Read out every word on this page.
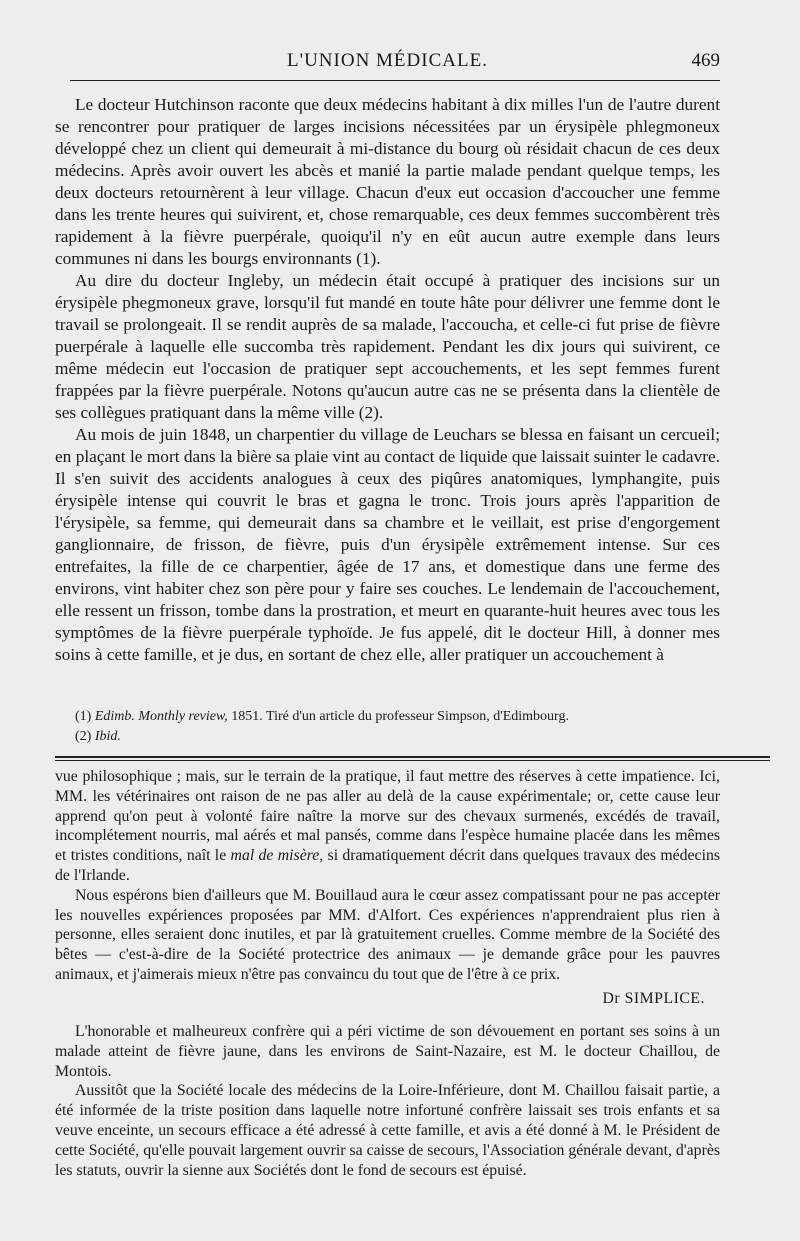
L'UNION MÉDICALE.	469

Le docteur Hutchinson raconte que deux médecins habitant à dix milles l'un de l'autre durent se rencontrer pour pratiquer de larges incisions nécessitées par un érysipèle phlegmoneux développé chez un client qui demeurait à mi-distance du bourg où résidait chacun de ces deux médecins. Après avoir ouvert les abcès et manié la partie malade pendant quelque temps, les deux docteurs retournèrent à leur village. Chacun d'eux eut occasion d'accoucher une femme dans les trente heures qui suivirent, et, chose remarquable, ces deux femmes succombèrent très rapidement à la fièvre puerpérale, quoiqu'il n'y en eût aucun autre exemple dans leurs communes ni dans les bourgs environnants (1).

Au dire du docteur Ingleby, un médecin était occupé à pratiquer des incisions sur un érysipèle phegmoneux grave, lorsqu'il fut mandé en toute hâte pour délivrer une femme dont le travail se prolongeait. Il se rendit auprès de sa malade, l'accoucha, et celle-ci fut prise de fièvre puerpérale à laquelle elle succomba très rapidement. Pendant les dix jours qui suivirent, ce même médecin eut l'occasion de pratiquer sept accouchements, et les sept femmes furent frappées par la fièvre puerpérale. Notons qu'aucun autre cas ne se présenta dans la clientèle de ses collègues pratiquant dans la même ville (2).

Au mois de juin 1848, un charpentier du village de Leuchars se blessa en faisant un cercueil; en plaçant le mort dans la bière sa plaie vint au contact de liquide que laissait suinter le cadavre. Il s'en suivit des accidents analogues à ceux des piqûres anatomiques, lymphangite, puis érysipèle intense qui couvrit le bras et gagna le tronc. Trois jours après l'apparition de l'érysipèle, sa femme, qui demeurait dans sa chambre et le veillait, est prise d'engorgement ganglionnaire, de frisson, de fièvre, puis d'un érysipèle extrêmement intense. Sur ces entrefaites, la fille de ce charpentier, âgée de 17 ans, et domestique dans une ferme des environs, vint habiter chez son père pour y faire ses couches. Le lendemain de l'accouchement, elle ressent un frisson, tombe dans la prostration, et meurt en quarante-huit heures avec tous les symptômes de la fièvre puerpérale typhoïde. Je fus appelé, dit le docteur Hill, à donner mes soins à cette famille, et je dus, en sortant de chez elle, aller pratiquer un accouchement à

(1) Edimb. Monthly review, 1851. Tiré d'un article du professeur Simpson, d'Edimbourg.

(2) Ibid.

vue philosophique ; mais, sur le terrain de la pratique, il faut mettre des réserves à cette impatience. Ici, MM. les vétérinaires ont raison de ne pas aller au delà de la cause expérimentale; or, cette cause leur apprend qu'on peut à volonté faire naître la morve sur des chevaux surmenés, excédés de travail, incomplétement nourris, mal aérés et mal pansés, comme dans l'espèce humaine placée dans les mêmes et tristes conditions, naît le mal de misère, si dramatiquement décrit dans quelques travaux des médecins de l'Irlande.

Nous espérons bien d'ailleurs que M. Bouillaud aura le cœur assez compatissant pour ne pas accepter les nouvelles expériences proposées par MM. d'Alfort. Ces expériences n'apprendraient plus rien à personne, elles seraient donc inutiles, et par là gratuitement cruelles. Comme membre de la Société des bêtes — c'est-à-dire de la Société protectrice des animaux — je demande grâce pour les pauvres animaux, et j'aimerais mieux n'être pas convaincu du tout que de l'être à ce prix.

Dr SIMPLICE.

L'honorable et malheureux confrère qui a péri victime de son dévouement en portant ses soins à un malade atteint de fièvre jaune, dans les environs de Saint-Nazaire, est M. le docteur Chaillou, de Montois.

Aussitôt que la Société locale des médecins de la Loire-Inférieure, dont M. Chaillou faisait partie, a été informée de la triste position dans laquelle notre infortuné confrère laissait ses trois enfants et sa veuve enceinte, un secours efficace a été adressé à cette famille, et avis a été donné à M. le Président de cette Société, qu'elle pouvait largement ouvrir sa caisse de secours, l'Association générale devant, d'après les statuts, ouvrir la sienne aux Sociétés dont le fond de secours est épuisé.
